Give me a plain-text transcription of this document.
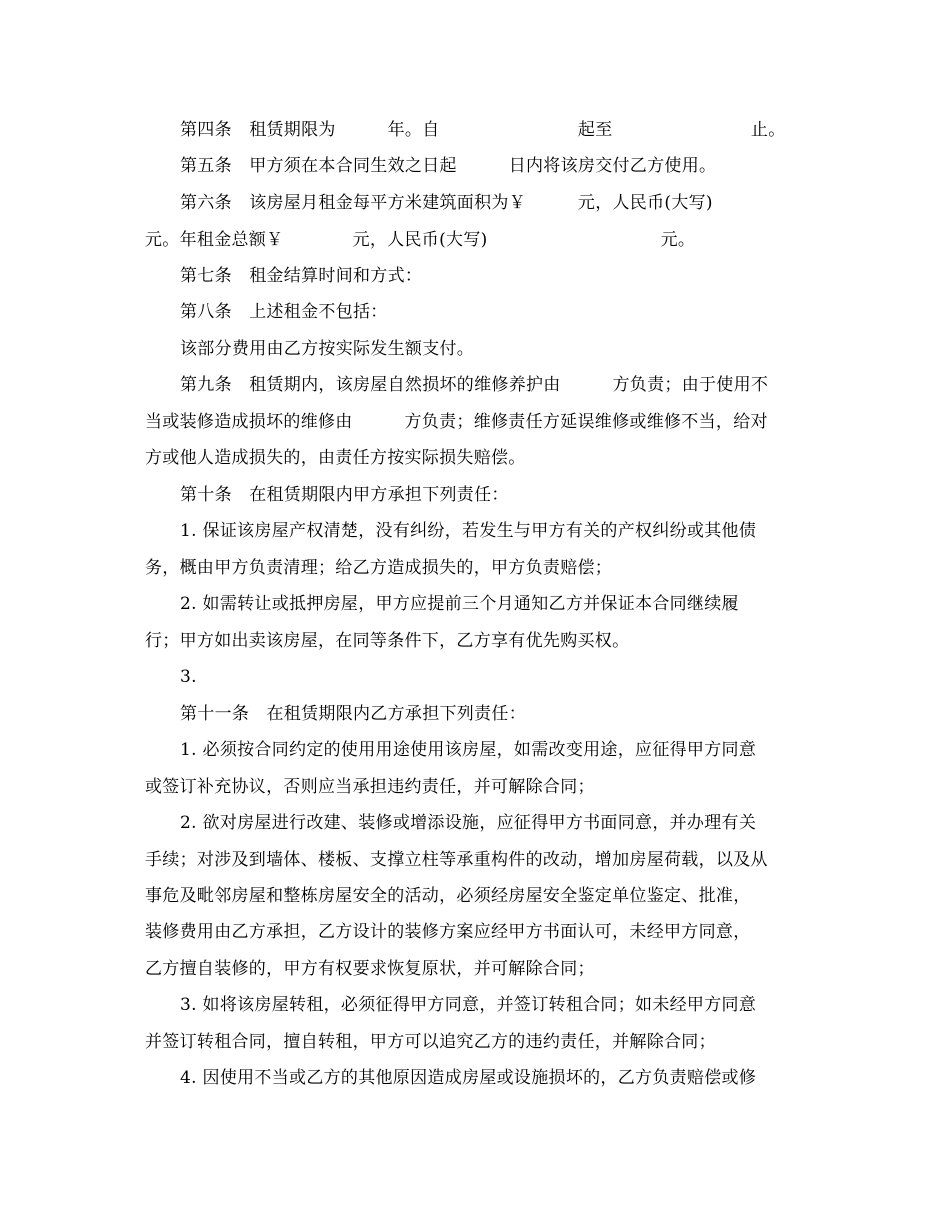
第四条　租赁期限为　　　年。自　　　　　　　　起至　　　　　　　　止。
第五条　甲方须在本合同生效之日起　　　日内将该房交付乙方使用。
第六条　该房屋月租金每平方米建筑面积为￥　　　元，人民币(大写)
元。年租金总额￥　　　　元，人民币(大写)　　　　　　　　　　元。
第七条　租金结算时间和方式：
第八条　上述租金不包括：
该部分费用由乙方按实际发生额支付。
第九条　租赁期内，该房屋自然损坏的维修养护由　　　方负责；由于使用不
当或装修造成损坏的维修由　　　方负责；维修责任方延误维修或维修不当，给对
方或他人造成损失的，由责任方按实际损失赔偿。
第十条　在租赁期限内甲方承担下列责任：
1. 保证该房屋产权清楚，没有纠纷，若发生与甲方有关的产权纠纷或其他债
务，概由甲方负责清理；给乙方造成损失的，甲方负责赔偿；
2. 如需转让或抵押房屋，甲方应提前三个月通知乙方并保证本合同继续履
行；甲方如出卖该房屋，在同等条件下，乙方享有优先购买权。
3.
第十一条　在租赁期限内乙方承担下列责任：
1. 必须按合同约定的使用用途使用该房屋，如需改变用途，应征得甲方同意
或签订补充协议，否则应当承担违约责任，并可解除合同；
2. 欲对房屋进行改建、装修或增添设施，应征得甲方书面同意，并办理有关
手续；对涉及到墙体、楼板、支撑立柱等承重构件的改动，增加房屋荷载，以及从
事危及毗邻房屋和整栋房屋安全的活动，必须经房屋安全鉴定单位鉴定、批准，
装修费用由乙方承担，乙方设计的装修方案应经甲方书面认可，未经甲方同意，
乙方擅自装修的，甲方有权要求恢复原状，并可解除合同；
3. 如将该房屋转租，必须征得甲方同意，并签订转租合同；如未经甲方同意
并签订转租合同，擅自转租，甲方可以追究乙方的违约责任，并解除合同；
4. 因使用不当或乙方的其他原因造成房屋或设施损坏的，乙方负责赔偿或修
